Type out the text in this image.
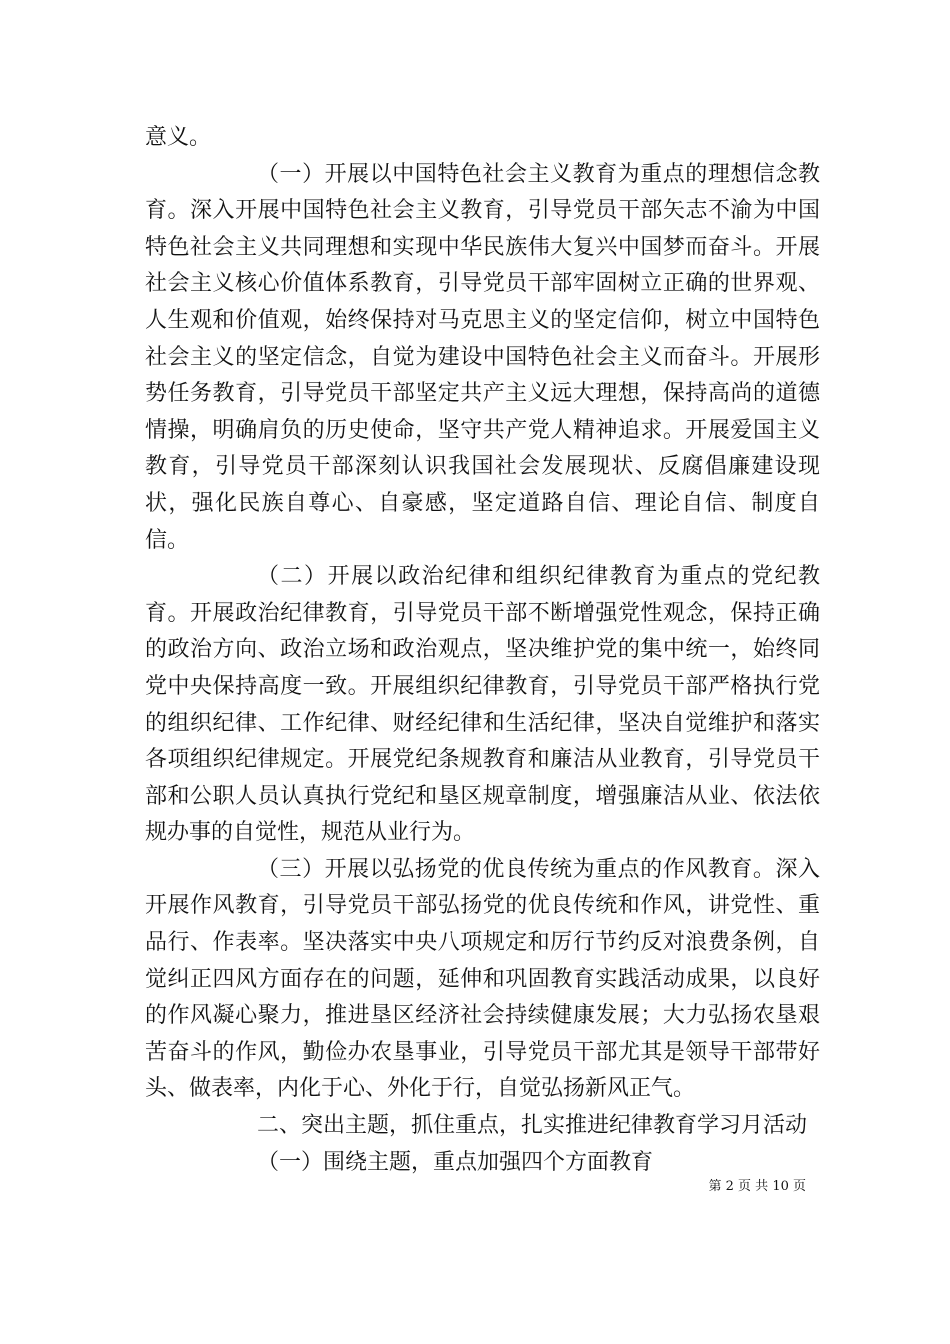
意义。

（一）开展以中国特色社会主义教育为重点的理想信念教育。深入开展中国特色社会主义教育，引导党员干部矢志不渝为中国特色社会主义共同理想和实现中华民族伟大复兴中国梦而奋斗。开展社会主义核心价值体系教育，引导党员干部牢固树立正确的世界观、人生观和价值观，始终保持对马克思主义的坚定信仰，树立中国特色社会主义的坚定信念，自觉为建设中国特色社会主义而奋斗。开展形势任务教育，引导党员干部坚定共产主义远大理想，保持高尚的道德情操，明确肩负的历史使命，坚守共产党人精神追求。开展爱国主义教育，引导党员干部深刻认识我国社会发展现状、反腐倡廉建设现状，强化民族自尊心、自豪感，坚定道路自信、理论自信、制度自信。

（二）开展以政治纪律和组织纪律教育为重点的党纪教育。开展政治纪律教育，引导党员干部不断增强党性观念，保持正确的政治方向、政治立场和政治观点，坚决维护党的集中统一，始终同党中央保持高度一致。开展组织纪律教育，引导党员干部严格执行党的组织纪律、工作纪律、财经纪律和生活纪律，坚决自觉维护和落实各项组织纪律规定。开展党纪条规教育和廉洁从业教育，引导党员干部和公职人员认真执行党纪和垦区规章制度，增强廉洁从业、依法依规办事的自觉性，规范从业行为。

（三）开展以弘扬党的优良传统为重点的作风教育。深入开展作风教育，引导党员干部弘扬党的优良传统和作风，讲党性、重品行、作表率。坚决落实中央八项规定和厉行节约反对浪费条例，自觉纠正四风方面存在的问题，延伸和巩固教育实践活动成果，以良好的作风凝心聚力，推进垦区经济社会持续健康发展；大力弘扬农垦艰苦奋斗的作风，勤俭办农垦事业，引导党员干部尤其是领导干部带好头、做表率，内化于心、外化于行，自觉弘扬新风正气。

二、突出主题，抓住重点，扎实推进纪律教育学习月活动

（一）围绕主题，重点加强四个方面教育

第 2 页 共 10 页
